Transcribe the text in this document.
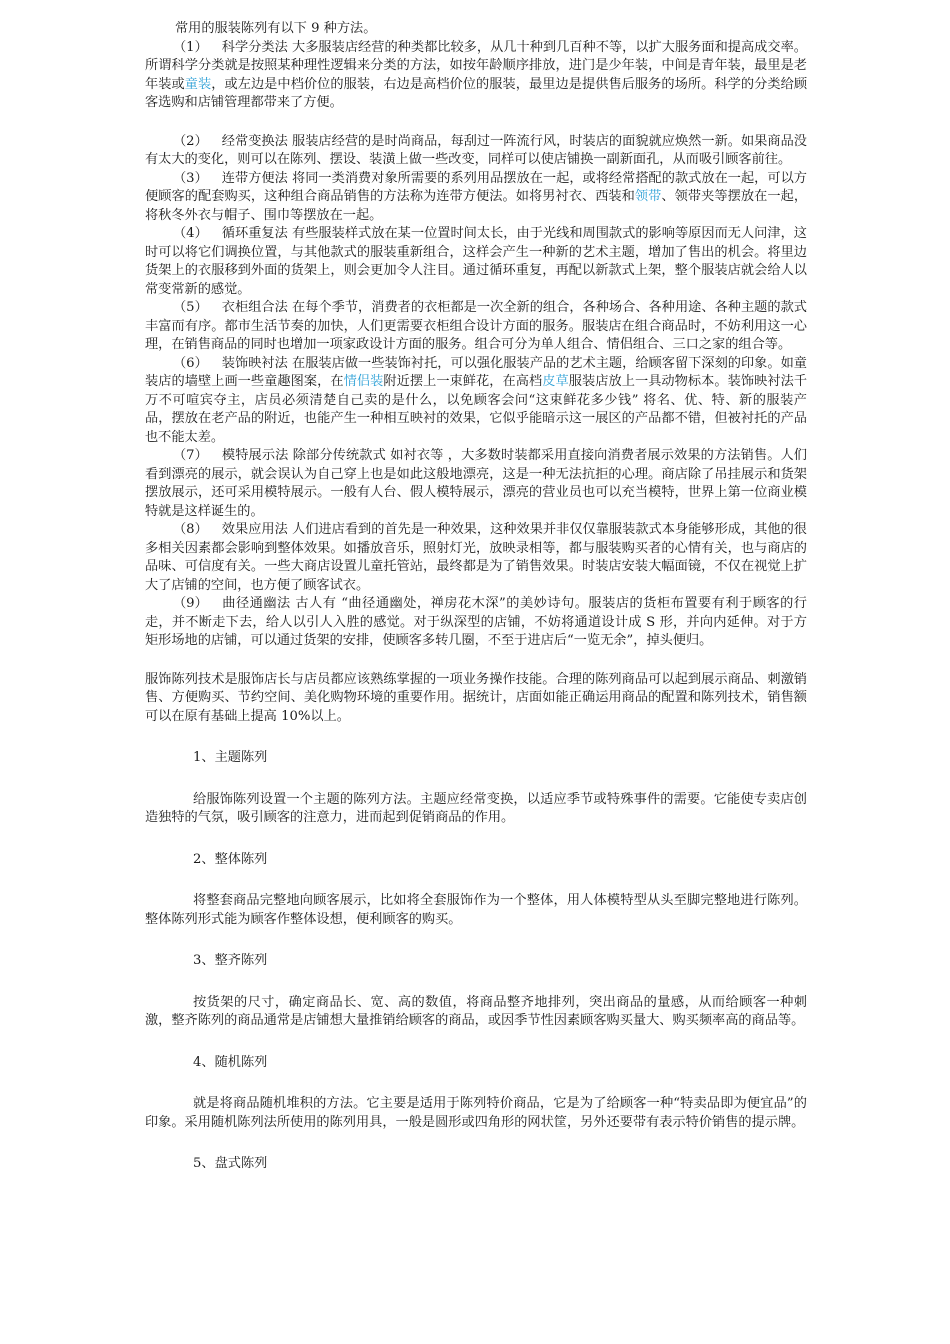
常用的服装陈列有以下 9 种方法。

（1） 科学分类法 大多服装店经营的种类都比较多，从几十种到几百种不等，以扩大服务面和提高成交率。所谓科学分类就是按照某种理性逻辑来分类的方法，如按年龄顺序排放，进门是少年装，中间是青年装，最里是老年装或童装，或左边是中档价位的服装，右边是高档价位的服装，最里边是提供售后服务的场所。科学的分类给顾客选购和店铺管理都带来了方便。

（2） 经常变换法 服装店经营的是时尚商品，每刮过一阵流行风，时装店的面貌就应焕然一新。如果商品没有太大的变化，则可以在陈列、摆设、装潢上做一些改变，同样可以使店铺换一副新面孔，从而吸引顾客前往。

（3） 连带方便法 将同一类消费对象所需要的系列用品摆放在一起，或将经常搭配的款式放在一起，可以方便顾客的配套购买，这种组合商品销售的方法称为连带方便法。如将男衬衣、西装和领带、领带夹等摆放在一起，将秋冬外衣与帽子、围巾等摆放在一起。

（4） 循环重复法 有些服装样式放在某一位置时间太长，由于光线和周围款式的影响等原因而无人问津，这时可以将它们调换位置，与其他款式的服装重新组合，这样会产生一种新的艺术主题，增加了售出的机会。将里边货架上的衣服移到外面的货架上，则会更加令人注目。通过循环重复，再配以新款式上架，整个服装店就会给人以常变常新的感觉。

（5） 衣柜组合法 在每个季节，消费者的衣柜都是一次全新的组合，各种场合、各种用途、各种主题的款式丰富而有序。都市生活节奏的加快，人们更需要衣柜组合设计方面的服务。服装店在组合商品时，不妨利用这一心理，在销售商品的同时也增加一项家政设计方面的服务。组合可分为单人组合、情侣组合、三口之家的组合等。

（6） 装饰映衬法 在服装店做一些装饰衬托，可以强化服装产品的艺术主题，给顾客留下深刻的印象。如童装店的墙壁上画一些童趣图案，在情侣装附近摆上一束鲜花，在高档皮草服装店放上一具动物标本。装饰映衬法千万不可喧宾夺主，店员必须清楚自己卖的是什么，以免顾客会问“这束鲜花多少钱” 将名、优、特、新的服装产品，摆放在老产品的附近，也能产生一种相互映衬的效果，它似乎能暗示这一展区的产品都不错，但被衬托的产品也不能太差。

（7） 模特展示法 除部分传统款式 如衬衣等 ，大多数时装都采用直接向消费者展示效果的方法销售。人们看到漂亮的展示，就会误认为自己穿上也是如此这般地漂亮，这是一种无法抗拒的心理。商店除了吊挂展示和货架摆放展示，还可采用模特展示。一般有人台、假人模特展示，漂亮的营业员也可以充当模特，世界上第一位商业模特就是这样诞生的。

（8） 效果应用法 人们进店看到的首先是一种效果，这种效果并非仅仅靠服装款式本身能够形成，其他的很多相关因素都会影响到整体效果。如播放音乐，照射灯光，放映录相等，都与服装购买者的心情有关，也与商店的品味、可信度有关。一些大商店设置儿童托管站，最终都是为了销售效果。时装店安装大幅面镜，不仅在视觉上扩大了店铺的空间，也方便了顾客试衣。

（9） 曲径通幽法 古人有 “曲径通幽处，禅房花木深”的美妙诗句。服装店的货柜布置要有利于顾客的行走，并不断走下去，给人以引人入胜的感觉。对于纵深型的店铺，不妨将通道设计成 S 形，并向内延伸。对于方矩形场地的店铺，可以通过货架的安排，使顾客多转几圈，不至于进店后“一览无余”，掉头便归。

服饰陈列技术是服饰店长与店员都应该熟练掌握的一项业务操作技能。合理的陈列商品可以起到展示商品、刺激销售、方便购买、节约空间、美化购物环境的重要作用。据统计，店面如能正确运用商品的配置和陈列技术，销售额可以在原有基础上提高 10%以上。

1、主题陈列

给服饰陈列设置一个主题的陈列方法。主题应经常变换，以适应季节或特殊事件的需要。它能使专卖店创造独特的气氛，吸引顾客的注意力，进而起到促销商品的作用。

2、整体陈列

将整套商品完整地向顾客展示，比如将全套服饰作为一个整体，用人体模特型从头至脚完整地进行陈列。整体陈列形式能为顾客作整体设想，便利顾客的购买。

3、整齐陈列

按货架的尺寸，确定商品长、宽、高的数值，将商品整齐地排列，突出商品的量感，从而给顾客一种刺激，整齐陈列的商品通常是店铺想大量推销给顾客的商品，或因季节性因素顾客购买量大、购买频率高的商品等。

4、随机陈列

就是将商品随机堆积的方法。它主要是适用于陈列特价商品，它是为了给顾客一种“特卖品即为便宜品”的印象。采用随机陈列法所使用的陈列用具，一般是圆形或四角形的网状筐，另外还要带有表示特价销售的提示牌。

5、盘式陈列
